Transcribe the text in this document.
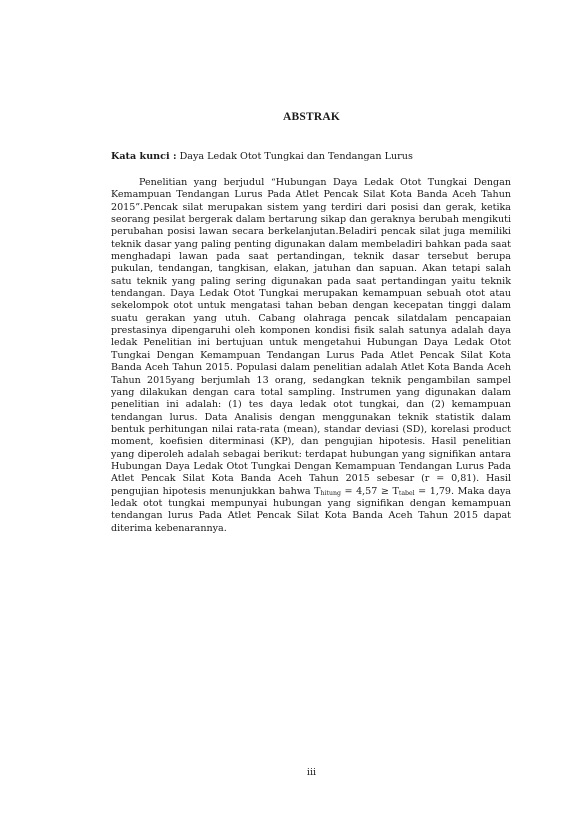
ABSTRAK
Kata kunci : Daya Ledak Otot Tungkai dan Tendangan Lurus

Penelitian yang berjudul “Hubungan Daya Ledak Otot Tungkai Dengan Kemampuan Tendangan Lurus Pada Atlet Pencak Silat Kota Banda Aceh Tahun 2015”.Pencak silat merupakan sistem yang terdiri dari posisi dan gerak, ketika seorang pesilat bergerak dalam bertarung sikap dan geraknya berubah mengikuti perubahan posisi lawan secara berkelanjutan.Beladiri pencak silat juga memiliki teknik dasar yang paling penting digunakan dalam membeladiri bahkan pada saat menghadapi lawan pada saat pertandingan, teknik dasar tersebut berupa pukulan, tendangan, tangkisan, elakan, jatuhan dan sapuan. Akan tetapi salah satu teknik yang paling sering digunakan pada saat pertandingan yaitu teknik tendangan. Daya Ledak Otot Tungkai merupakan kemampuan sebuah otot atau sekelompok otot untuk mengatasi tahan beban dengan kecepatan tinggi dalam suatu gerakan yang utuh. Cabang olahraga pencak silatdalam pencapaian prestasinya dipengaruhi oleh komponen kondisi fisik salah satunya adalah daya ledak Penelitian ini bertujuan untuk mengetahui Hubungan Daya Ledak Otot Tungkai Dengan Kemampuan Tendangan Lurus Pada Atlet Pencak Silat Kota Banda Aceh Tahun 2015. Populasi dalam penelitian adalah Atlet Kota Banda Aceh Tahun 2015yang berjumlah 13 orang, sedangkan teknik pengambilan sampel yang dilakukan dengan cara total sampling. Instrumen yang digunakan dalam penelitian ini adalah: (1) tes daya ledak otot tungkai, dan (2) kemampuan tendangan lurus. Data Analisis dengan menggunakan teknik statistik dalam bentuk perhitungan nilai rata-rata (mean), standar deviasi (SD), korelasi product moment, koefisien diterminasi (KP), dan pengujian hipotesis. Hasil penelitian yang diperoleh adalah sebagai berikut: terdapat hubungan yang signifikan antara Hubungan Daya Ledak Otot Tungkai Dengan Kemampuan Tendangan Lurus Pada Atlet Pencak Silat Kota Banda Aceh Tahun 2015 sebesar (r = 0,81). Hasil pengujian hipotesis menunjukkan bahwa $T_{hitung} = 4,57 \ge T_{tabel} = 1,79$. Maka daya ledak otot tungkai mempunyai hubungan yang signifikan dengan kemampuan tendangan lurus Pada Atlet Pencak Silat Kota Banda Aceh Tahun 2015 dapat diterima kebenarannya.

iii
